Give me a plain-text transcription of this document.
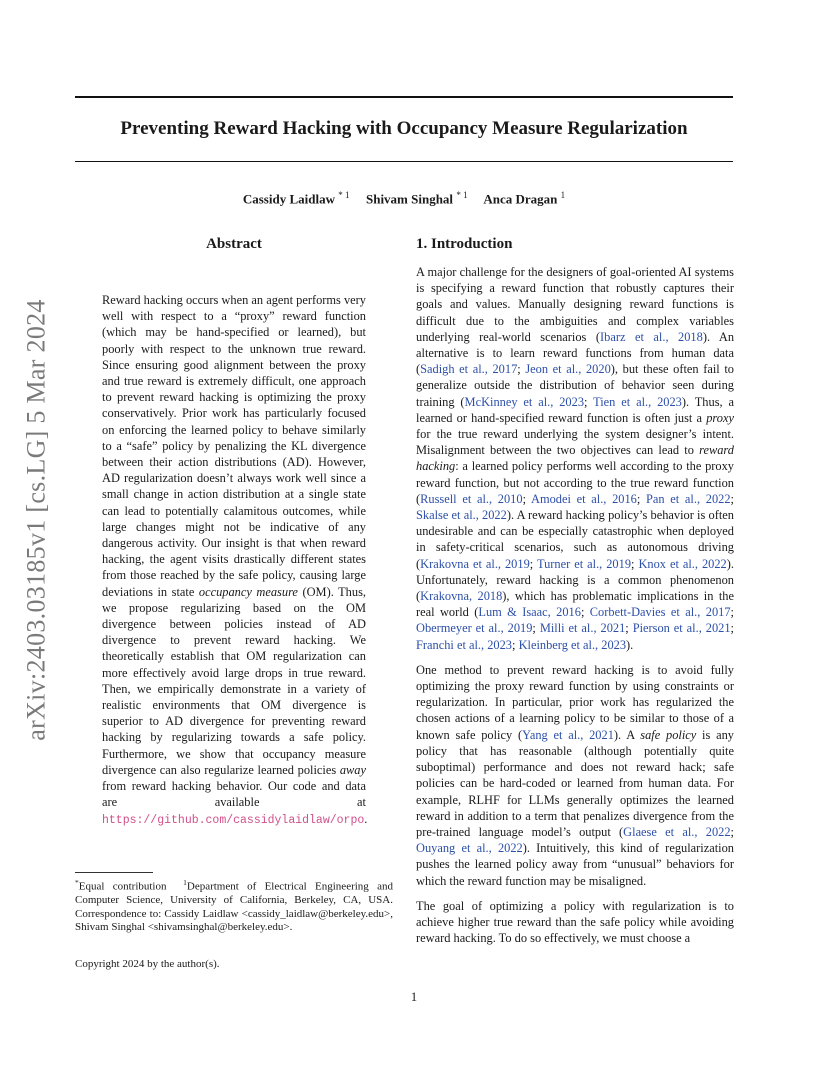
arXiv:2403.03185v1 [cs.LG] 5 Mar 2024
Preventing Reward Hacking with Occupancy Measure Regularization
Cassidy Laidlaw $^{* 1}$ Shivam Singhal $^{* 1}$ Anca Dragan $^1$
Abstract
Reward hacking occurs when an agent performs very well with respect to a “proxy” reward function (which may be hand-specified or learned), but poorly with respect to the unknown true reward. Since ensuring good alignment between the proxy and true reward is extremely difficult, one approach to prevent reward hacking is optimizing the proxy conservatively. Prior work has particularly focused on enforcing the learned policy to behave similarly to a “safe” policy by penalizing the KL divergence between their action distributions (AD). However, AD regularization doesn’t always work well since a small change in action distribution at a single state can lead to potentially calamitous outcomes, while large changes might not be indicative of any dangerous activity. Our insight is that when reward hacking, the agent visits drastically different states from those reached by the safe policy, causing large deviations in state occupancy measure (OM). Thus, we propose regularizing based on the OM divergence between policies instead of AD divergence to prevent reward hacking. We theoretically establish that OM regularization can more effectively avoid large drops in true reward. Then, we empirically demonstrate in a variety of realistic environments that OM divergence is superior to AD divergence for preventing reward hacking by regularizing towards a safe policy. Furthermore, we show that occupancy measure divergence can also regularize learned policies away from reward hacking behavior. Our code and data are available at https://github.com/cassidylaidlaw/orpo.
*Equal contribution $^1$Department of Electrical Engineering and Computer Science, University of California, Berkeley, CA, USA. Correspondence to: Cassidy Laidlaw <cassidy_laidlaw@berkeley.edu>, Shivam Singhal <shivamsinghal@berkeley.edu>.
Copyright 2024 by the author(s).
1. Introduction

A major challenge for the designers of goal-oriented AI systems is specifying a reward function that robustly captures their goals and values. Manually designing reward functions is difficult due to the ambiguities and complex variables underlying real-world scenarios (Ibarz et al., 2018). An alternative is to learn reward functions from human data (Sadigh et al., 2017; Jeon et al., 2020), but these often fail to generalize outside the distribution of behavior seen during training (McKinney et al., 2023; Tien et al., 2023). Thus, a learned or hand-specified reward function is often just a proxy for the true reward underlying the system designer’s intent. Misalignment between the two objectives can lead to reward hacking: a learned policy performs well according to the proxy reward function, but not according to the true reward function (Russell et al., 2010; Amodei et al., 2016; Pan et al., 2022; Skalse et al., 2022). A reward hacking policy’s behavior is often undesirable and can be especially catastrophic when deployed in safety-critical scenarios, such as autonomous driving (Krakovna et al., 2019; Turner et al., 2019; Knox et al., 2022). Unfortunately, reward hacking is a common phenomenon (Krakovna, 2018), which has problematic implications in the real world (Lum & Isaac, 2016; Corbett-Davies et al., 2017; Obermeyer et al., 2019; Milli et al., 2021; Pierson et al., 2021; Franchi et al., 2023; Kleinberg et al., 2023).

One method to prevent reward hacking is to avoid fully optimizing the proxy reward function by using constraints or regularization. In particular, prior work has regularized the chosen actions of a learning policy to be similar to those of a known safe policy (Yang et al., 2021). A safe policy is any policy that has reasonable (although potentially quite suboptimal) performance and does not reward hack; safe policies can be hard-coded or learned from human data. For example, RLHF for LLMs generally optimizes the learned reward in addition to a term that penalizes divergence from the pre-trained language model’s output (Glaese et al., 2022; Ouyang et al., 2022). Intuitively, this kind of regularization pushes the learned policy away from “unusual” behaviors for which the reward function may be misaligned.

The goal of optimizing a policy with regularization is to achieve higher true reward than the safe policy while avoiding reward hacking. To do so effectively, we must choose a

1
